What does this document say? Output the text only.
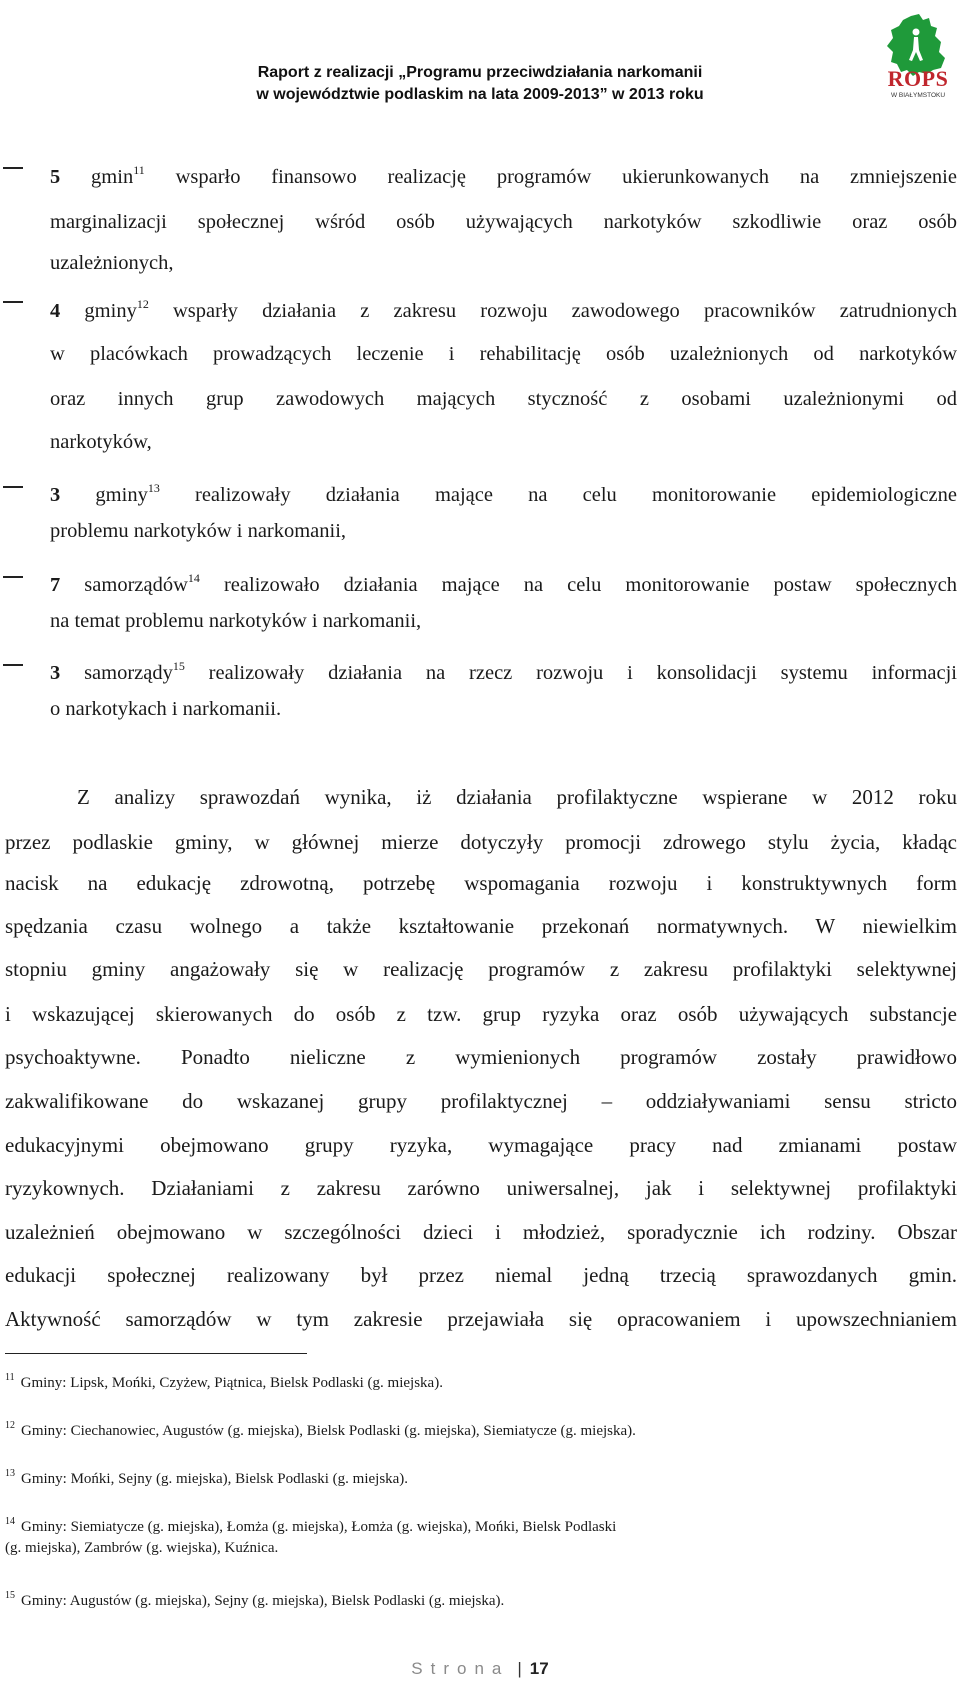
Raport z realizacji „Programu przeciwdziałania narkomanii
w województwie podlaskim na lata 2009-2013” w 2013 roku
ROPS
W BIAŁYMSTOKU
5 gmin$^{11}$ wsparło finansowo realizację programów ukierunkowanych na zmniejszenie
marginalizacji społecznej wśród osób używających narkotyków szkodliwie oraz osób
uzależnionych,
4 gminy$^{12}$ wsparły działania z zakresu rozwoju zawodowego pracowników zatrudnionych
w placówkach prowadzących leczenie i rehabilitację osób uzależnionych od narkotyków
oraz innych grup zawodowych mających styczność z osobami uzależnionymi od
narkotyków,
3 gminy$^{13}$ realizowały działania mające na celu monitorowanie epidemiologiczne
problemu narkotyków i narkomanii,
7 samorządów$^{14}$ realizowało działania mające na celu monitorowanie postaw społecznych
na temat problemu narkotyków i narkomanii,
3 samorządy$^{15}$ realizowały działania na rzecz rozwoju i konsolidacji systemu informacji
o narkotykach i narkomanii.
Z analizy sprawozdań wynika, iż działania profilaktyczne wspierane w 2012 roku
przez podlaskie gminy, w głównej mierze dotyczyły promocji zdrowego stylu życia, kładąc
nacisk na edukację zdrowotną, potrzebę wspomagania rozwoju i konstruktywnych form
spędzania czasu wolnego a także kształtowanie przekonań normatywnych. W niewielkim
stopniu gminy angażowały się w realizację programów z zakresu profilaktyki selektywnej
i wskazującej skierowanych do osób z tzw. grup ryzyka oraz osób używających substancje
psychoaktywne. Ponadto nieliczne z wymienionych programów zostały prawidłowo
zakwalifikowane do wskazanej grupy profilaktycznej – oddziaływaniami sensu stricto
edukacyjnymi obejmowano grupy ryzyka, wymagające pracy nad zmianami postaw
ryzykownych. Działaniami z zakresu zarówno uniwersalnej, jak i selektywnej profilaktyki
uzależnień obejmowano w szczególności dzieci i młodzież, sporadycznie ich rodziny. Obszar
edukacji społecznej realizowany był przez niemal jedną trzecią sprawozdanych gmin.
Aktywność samorządów w tym zakresie przejawiała się opracowaniem i upowszechnianiem
$^{11}$ Gminy: Lipsk, Mońki, Czyżew, Piątnica, Bielsk Podlaski (g. miejska).
$^{12}$ Gminy: Ciechanowiec, Augustów (g. miejska), Bielsk Podlaski (g. miejska), Siemiatycze (g. miejska).
$^{13}$ Gminy: Mońki, Sejny (g. miejska), Bielsk Podlaski (g. miejska).
$^{14}$ Gminy: Siemiatycze (g. miejska), Łomża (g. miejska), Łomża (g. wiejska), Mońki, Bielsk Podlaski
(g. miejska), Zambrów (g. wiejska), Kuźnica.
$^{15}$ Gminy: Augustów (g. miejska), Sejny (g. miejska), Bielsk Podlaski (g. miejska).
Strona | 17
